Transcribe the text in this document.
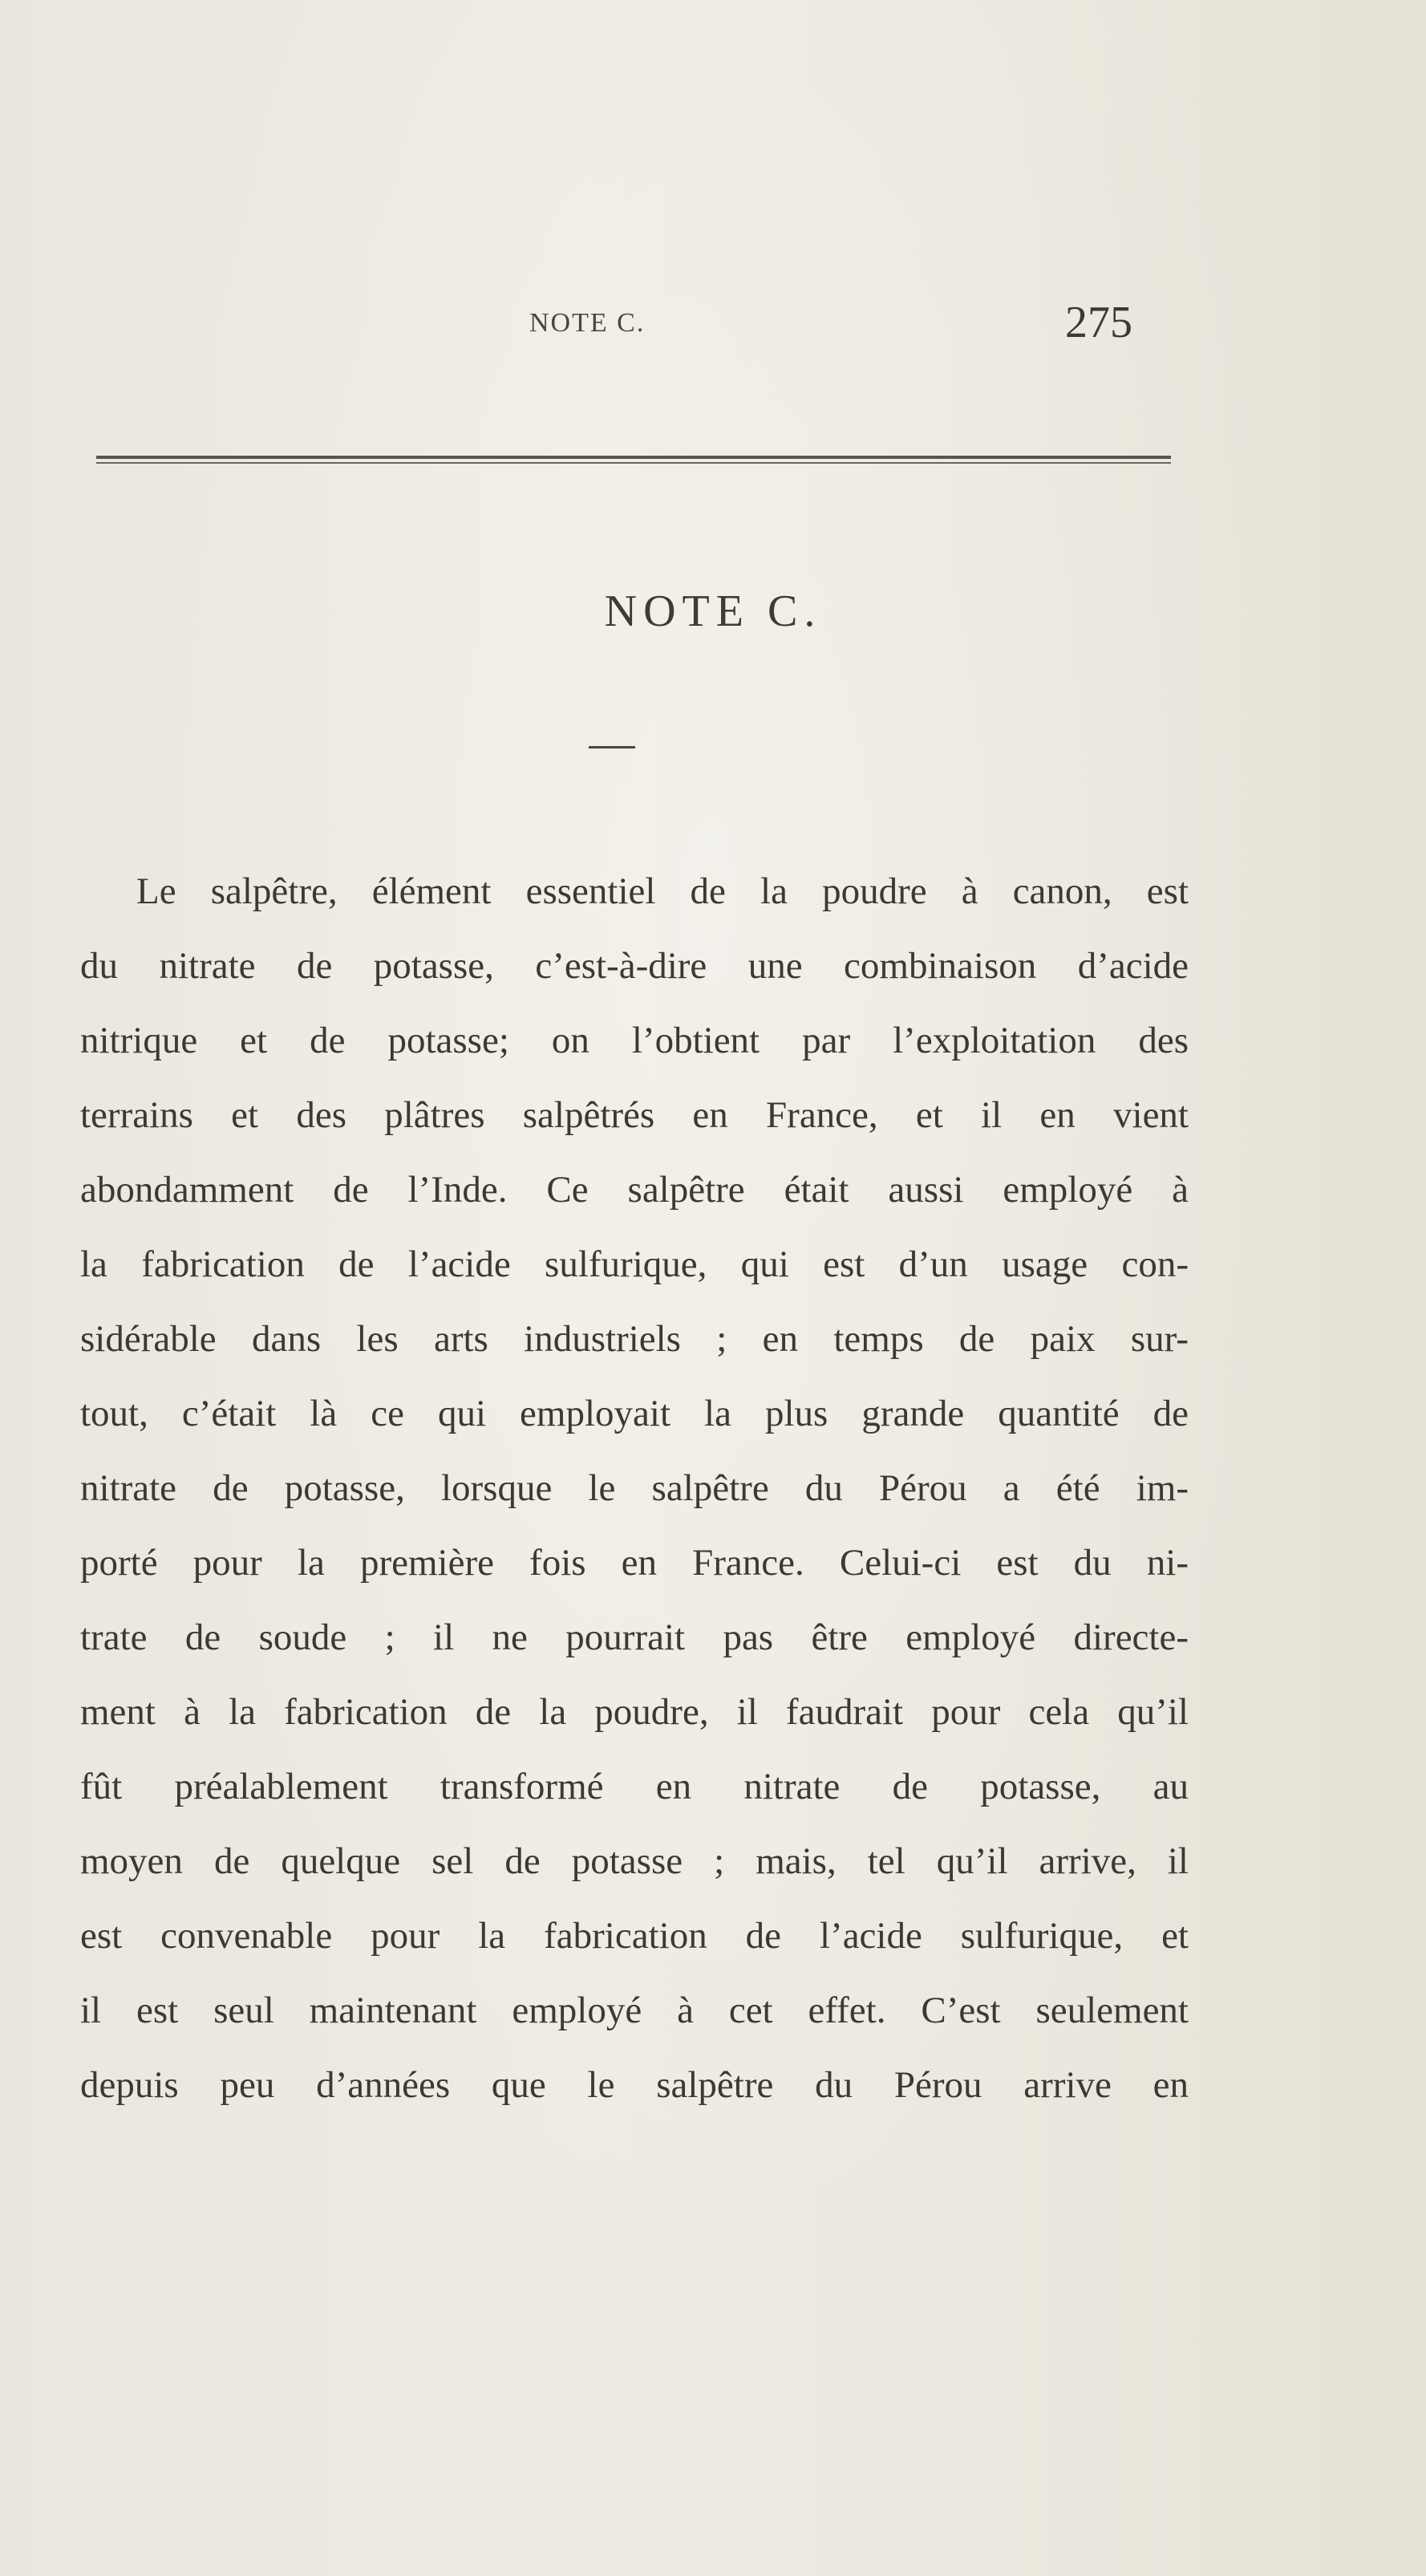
NOTE C.	275
NOTE C.
Le salpêtre, élément essentiel de la poudre à canon, est
du nitrate de potasse, c’est-à-dire une combinaison d’acide
nitrique et de potasse; on l’obtient par l’exploitation des
terrains et des plâtres salpêtrés en France, et il en vient
abondamment de l’Inde. Ce salpêtre était aussi employé à
la fabrication de l’acide sulfurique, qui est d’un usage con-
sidérable dans les arts industriels ; en temps de paix sur-
tout, c’était là ce qui employait la plus grande quantité de
nitrate de potasse, lorsque le salpêtre du Pérou a été im-
porté pour la première fois en France. Celui-ci est du ni-
trate de soude ; il ne pourrait pas être employé directe-
ment à la fabrication de la poudre, il faudrait pour cela qu’il
fût préalablement transformé en nitrate de potasse, au
moyen de quelque sel de potasse ; mais, tel qu’il arrive, il
est convenable pour la fabrication de l’acide sulfurique, et
il est seul maintenant employé à cet effet. C’est seulement
depuis peu d’années que le salpêtre du Pérou arrive en
